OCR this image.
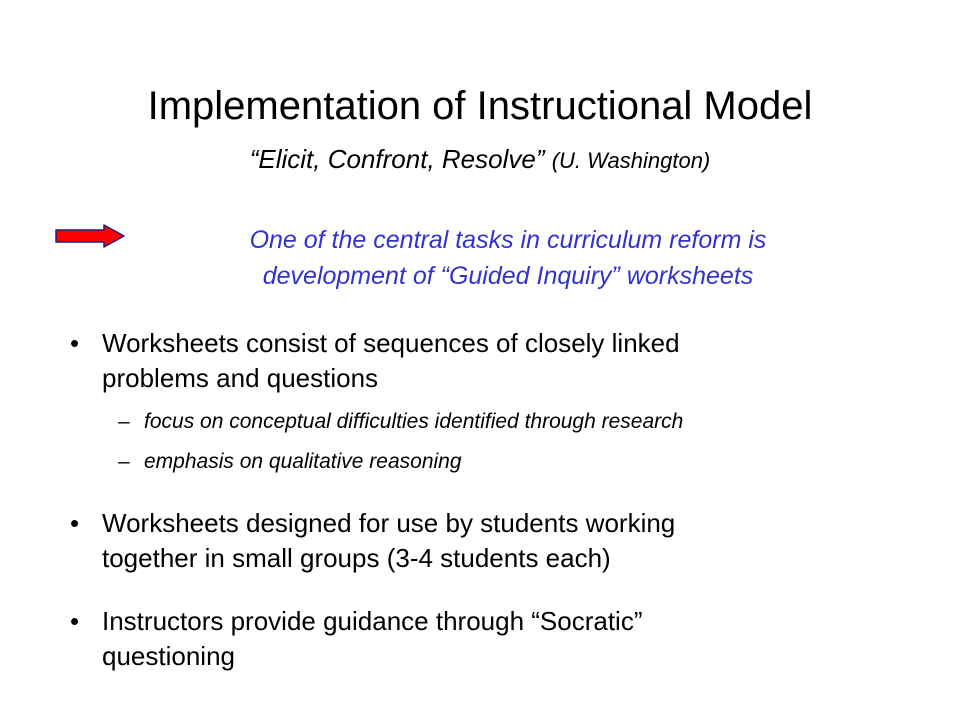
Implementation of Instructional Model
“Elicit, Confront, Resolve” (U. Washington)
One of the central tasks in curriculum reform is
development of “Guided Inquiry” worksheets
• Worksheets consist of sequences of closely linked
problems and questions
– focus on conceptual difficulties identified through research
– emphasis on qualitative reasoning
• Worksheets designed for use by students working
together in small groups (3-4 students each)
• Instructors provide guidance through “Socratic”
questioning
